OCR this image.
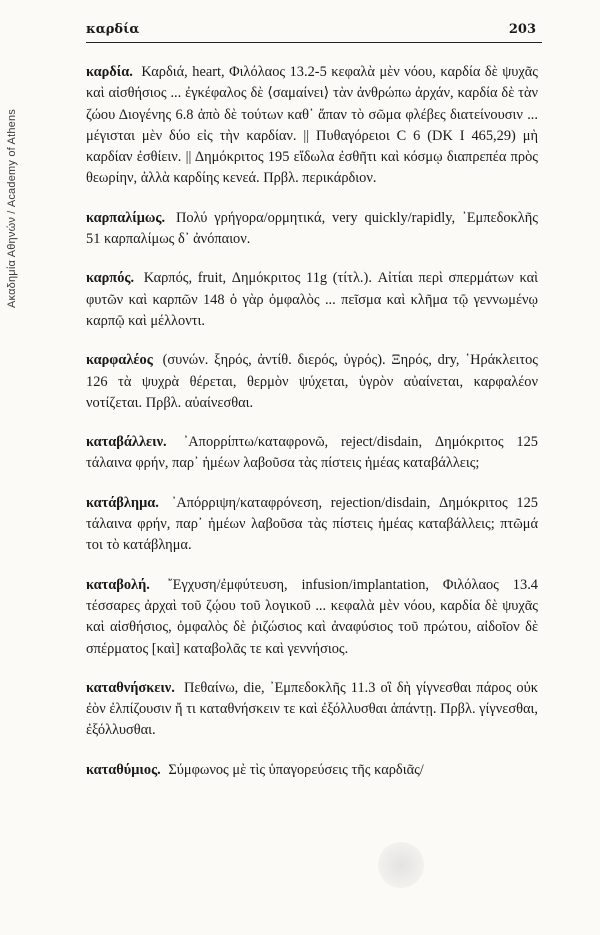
Ακαδημία Αθηνών / Academy of Athens
καρδία	203

καρδία. Καρδιά, heart, Φιλόλαος 13.2-5 κεφαλὰ μὲν νόου, καρδία δὲ ψυχᾶς καὶ αἰσθήσιος ... ἐγκέφαλος δὲ ⟨σαμαίνει⟩ τὰν ἀνθρώπω ἀρχάν, καρδία δὲ τὰν ζώου Διογένης 6.8 ἀπὸ δὲ τούτων καθ᾽ ἅπαν τὸ σῶμα φλέβες διατείνουσιν ... μέγισται μὲν δύο εἰς τὴν καρδίαν. || Πυθαγόρειοι C 6 (DK I 465,29) μὴ καρδίαν ἐσθίειν. || Δημόκριτος 195 εἴδωλα ἐσθῆτι καὶ κόσμῳ διαπρεπέα πρὸς θεωρίην, ἀλλὰ καρδίης κενεά. Πρβλ. περικάρδιον.

καρπαλίμως. Πολύ γρήγορα/ορμητικά, very quickly/rapidly, ᾿Εμπεδοκλῆς 51 καρπαλίμως δ᾽ ἀνόπαιον.

καρπός. Καρπός, fruit, Δημόκριτος 11g (τίτλ.). Αἰτίαι περὶ σπερμάτων καὶ φυτῶν καὶ καρπῶν 148 ὁ γὰρ ὀμφαλὸς ... πεῖσμα καὶ κλῆμα τῷ γεννωμένῳ καρπῷ καὶ μέλλοντι.

καρφαλέος (συνών. ξηρός, ἀντίθ. διερός, ὑγρός). Ξηρός, dry, ῾Ηράκλειτος 126 τὰ ψυχρὰ θέρεται, θερμὸν ψύχεται, ὑγρὸν αὐαίνεται, καρφαλέον νοτίζεται. Πρβλ. αὐαίνεσθαι.

καταβάλλειν. ᾿Απορρίπτω/καταφρονῶ, reject/disdain, Δημόκριτος 125 τάλαινα φρήν, παρ᾽ ἡμέων λαβοῦσα τὰς πίστεις ἡμέας καταβάλλεις;

κατάβλημα. ᾿Απόρριψη/καταφρόνεση, rejection/disdain, Δημόκριτος 125 τάλαινα φρήν, παρ᾽ ἡμέων λαβοῦσα τὰς πίστεις ἡμέας καταβάλλεις; πτῶμά τοι τὸ κατάβλημα.

καταβολή. ῎Εγχυση/ἐμφύτευση, infusion/implantation, Φιλόλαος 13.4 τέσσαρες ἀρχαὶ τοῦ ζῴου τοῦ λογικοῦ ... κεφαλὰ μὲν νόου, καρδία δὲ ψυχᾶς καὶ αἰσθήσιος, ὀμφαλὸς δὲ ῥιζώσιος καὶ ἀναφύσιος τοῦ πρώτου, αἰδοῖον δὲ σπέρματος [καὶ] καταβολᾶς τε καὶ γεννήσιος.

καταθνήσκειν. Πεθαίνω, die, ᾿Εμπεδοκλῆς 11.3 οἳ δὴ γίγνεσθαι πάρος οὐκ ἐὸν ἐλπίζουσιν ἤ τι καταθνήσκειν τε καὶ ἐξόλλυσθαι ἁπάντῃ. Πρβλ. γίγνεσθαι, ἐξόλλυσθαι.

καταθύμιος. Σύμφωνος μὲ τὶς ὑπαγορεύσεις τῆς καρδιᾶς/
